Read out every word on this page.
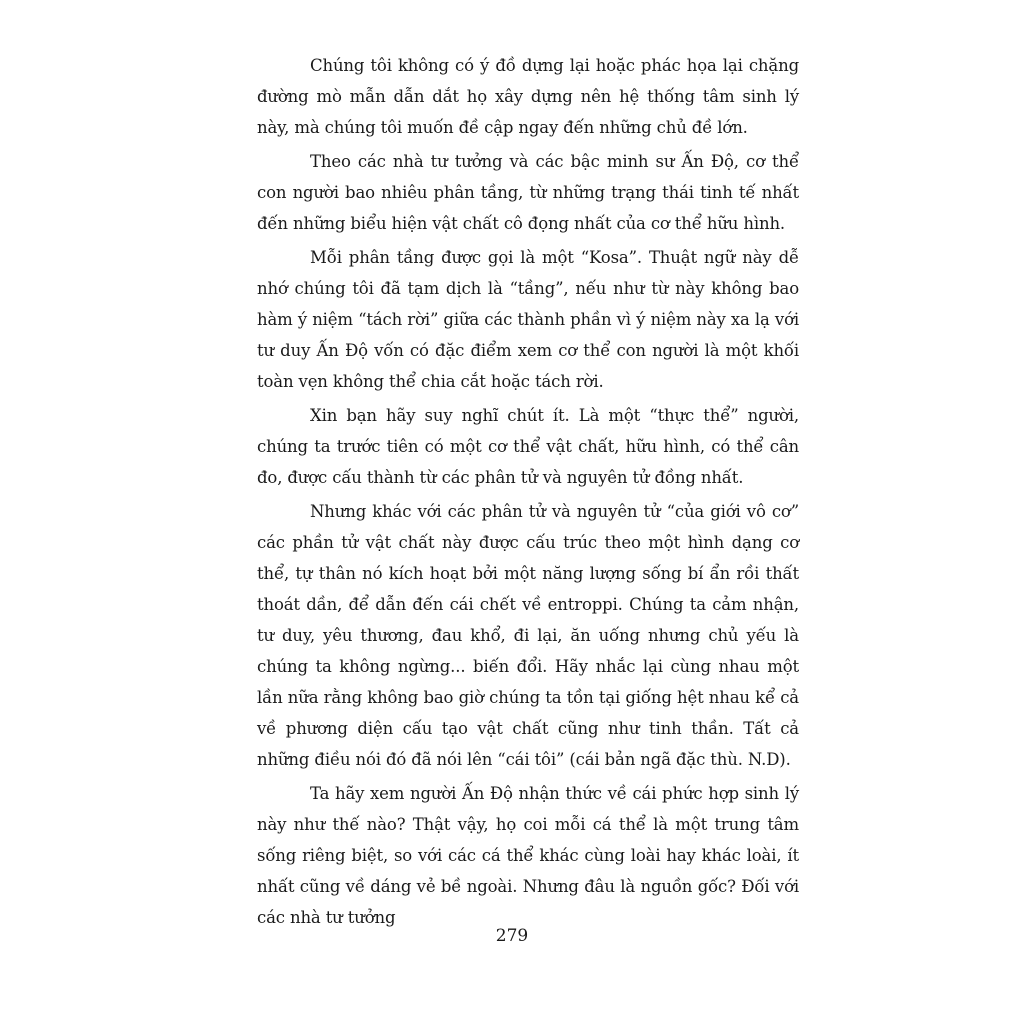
Chúng tôi không có ý đồ dựng lại hoặc phác họa lại chặng đường mò mẫn dẫn dắt họ xây dựng nên hệ thống tâm sinh lý này, mà chúng tôi muốn đề cập ngay đến những chủ đề lớn.

Theo các nhà tư tưởng và các bậc minh sư Ấn Độ, cơ thể con người bao nhiêu phân tầng, từ những trạng thái tinh tế nhất đến những biểu hiện vật chất cô đọng nhất của cơ thể hữu hình.

Mỗi phân tầng được gọi là một “Kosa”. Thuật ngữ này dễ nhớ chúng tôi đã tạm dịch là “tầng”, nếu như từ này không bao hàm ý niệm “tách rời” giữa các thành phần vì ý niệm này xa lạ với tư duy Ấn Độ vốn có đặc điểm xem cơ thể con người là một khối toàn vẹn không thể chia cắt hoặc tách rời.

Xin bạn hãy suy nghĩ chút ít. Là một “thực thể” người, chúng ta trước tiên có một cơ thể vật chất, hữu hình, có thể cân đo, được cấu thành từ các phân tử và nguyên tử đồng nhất.

Nhưng khác với các phân tử và nguyên tử “của giới vô cơ” các phần tử vật chất này được cấu trúc theo một hình dạng cơ thể, tự thân nó kích hoạt bởi một năng lượng sống bí ẩn rồi thất thoát dần, để dẫn đến cái chết về entroppi. Chúng ta cảm nhận, tư duy, yêu thương, đau khổ, đi lại, ăn uống nhưng chủ yếu là chúng ta không ngừng... biến đổi. Hãy nhắc lại cùng nhau một lần nữa rằng không bao giờ chúng ta tồn tại giống hệt nhau kể cả về phương diện cấu tạo vật chất cũng như tinh thần. Tất cả những điều nói đó đã nói lên “cái tôi” (cái bản ngã đặc thù. N.D).

Ta hãy xem người Ấn Độ nhận thức về cái phức hợp sinh lý này như thế nào? Thật vậy, họ coi mỗi cá thể là một trung tâm sống riêng biệt, so với các cá thể khác cùng loài hay khác loài, ít nhất cũng về dáng vẻ bề ngoài. Nhưng đâu là nguồn gốc? Đối với các nhà tư tưởng

279
